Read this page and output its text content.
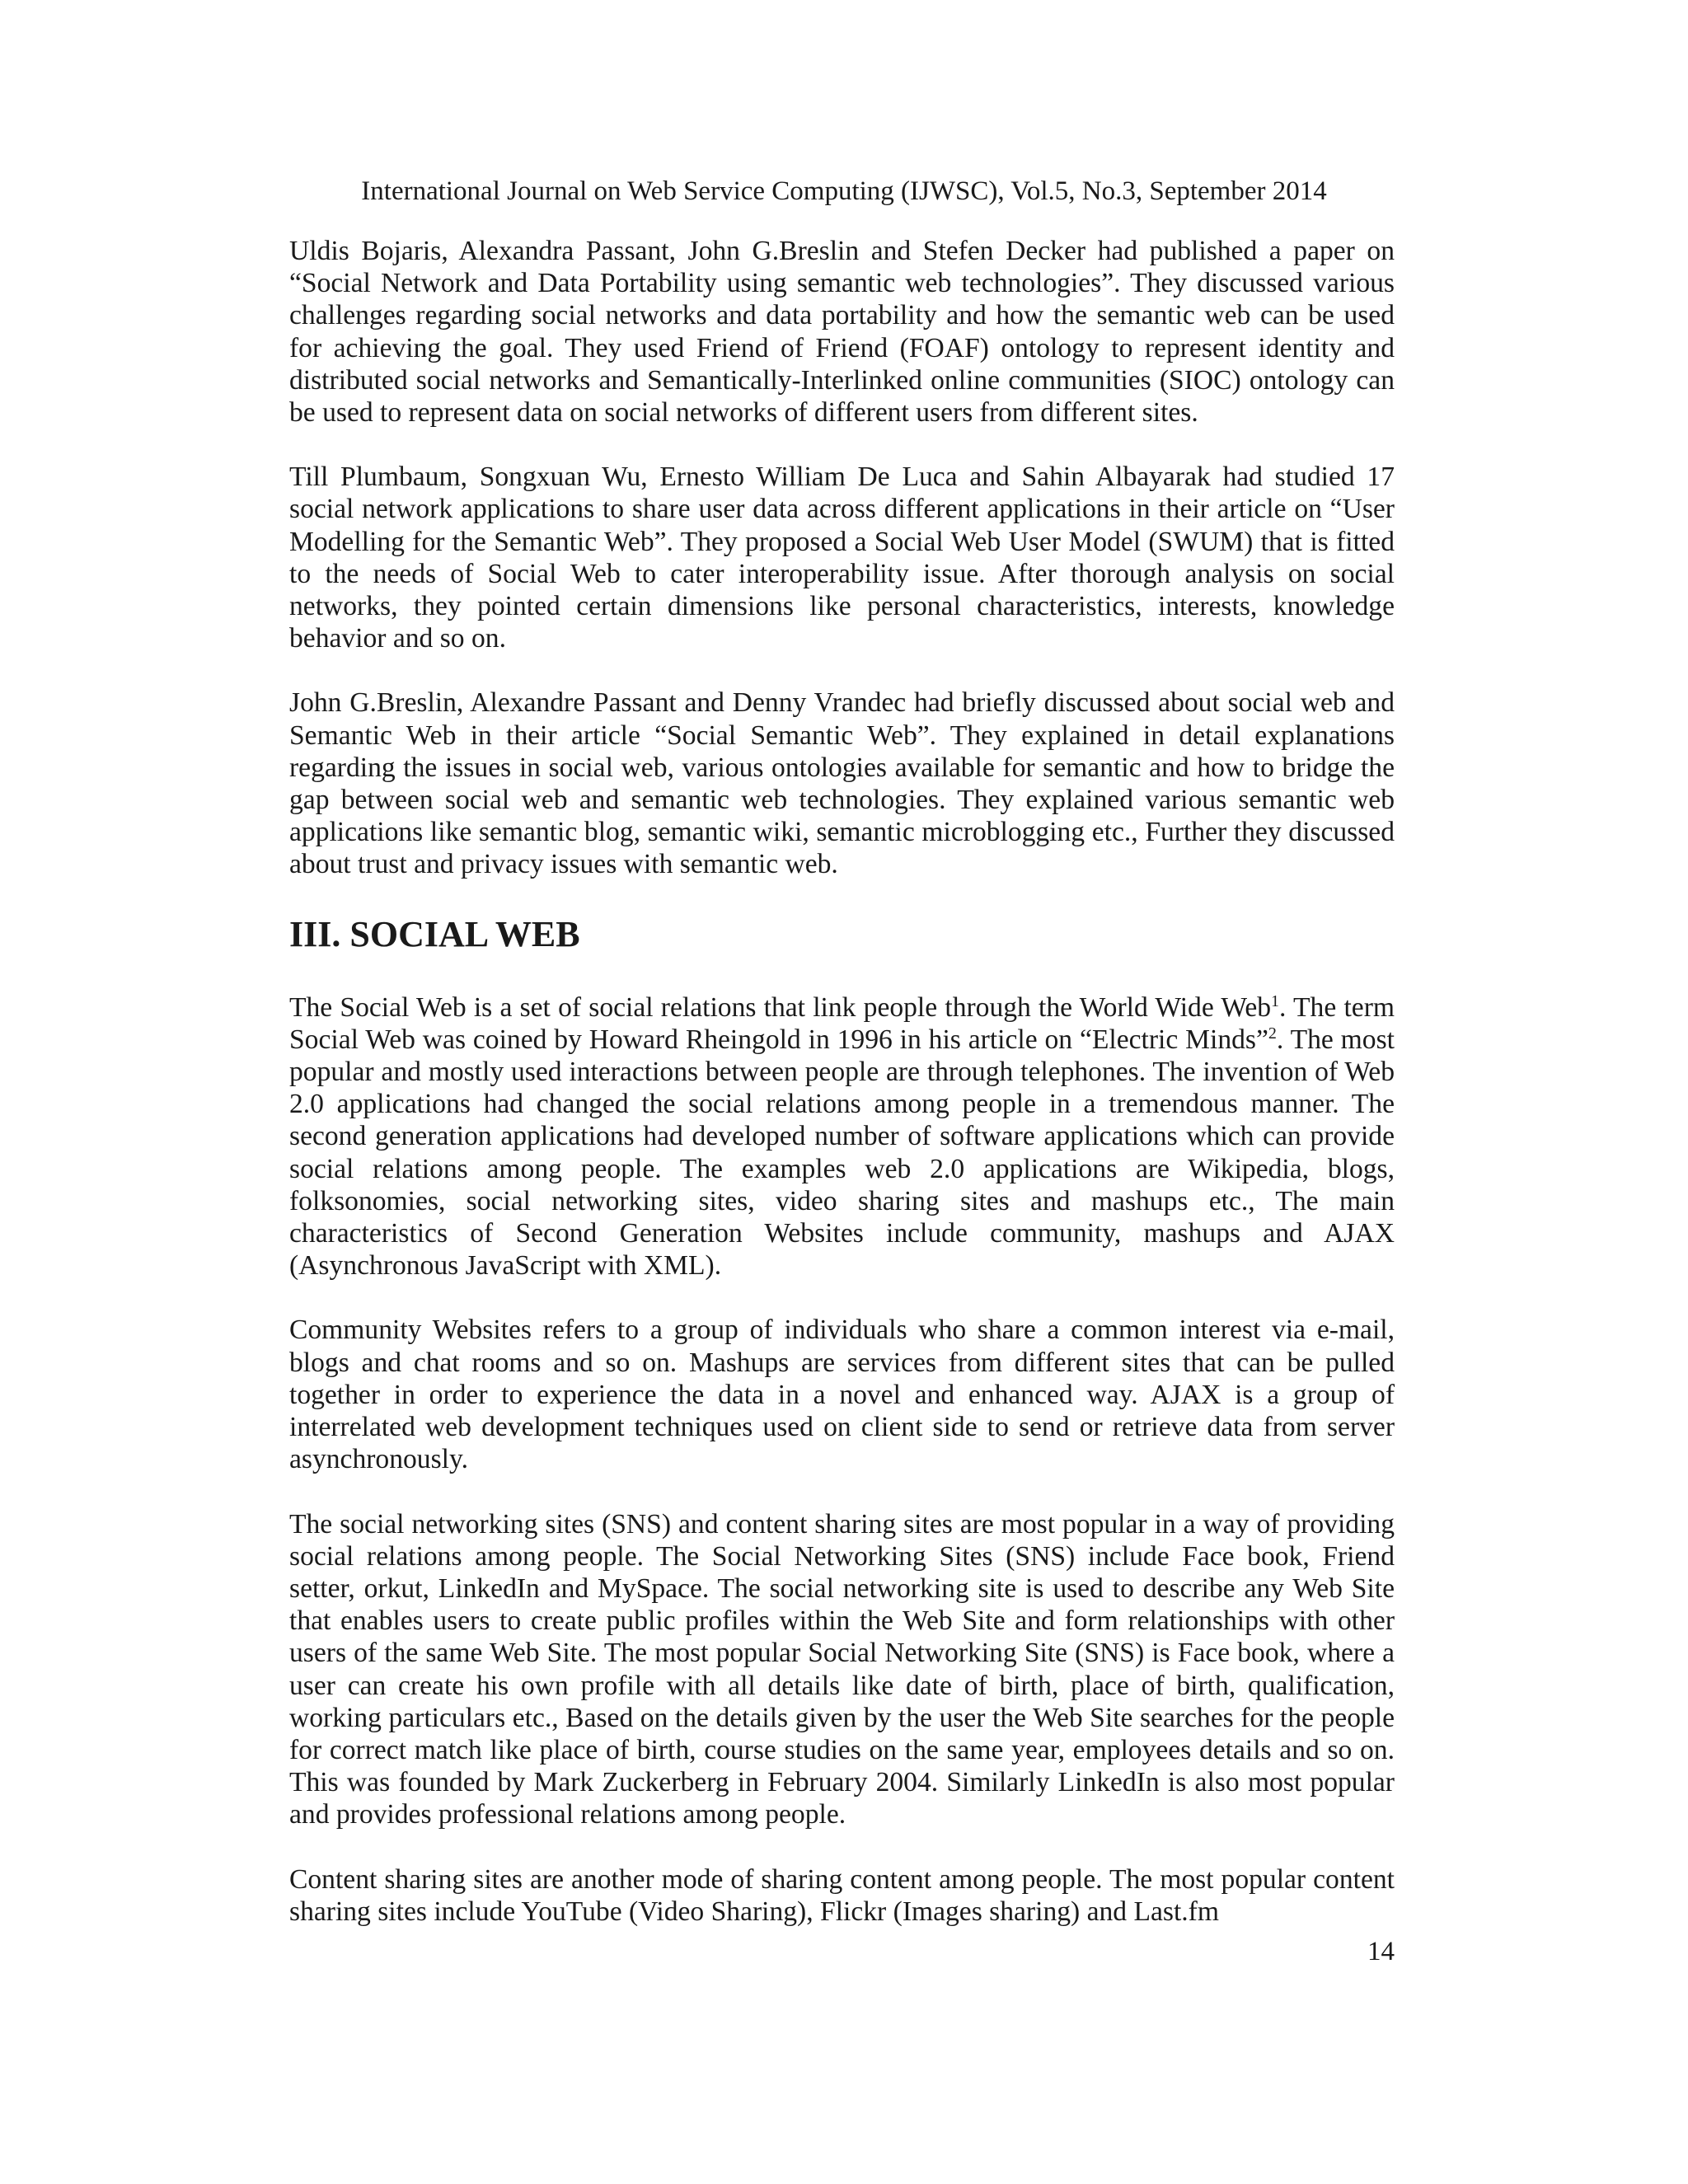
International Journal on Web Service Computing (IJWSC), Vol.5, No.3, September 2014

Uldis Bojaris, Alexandra Passant, John G.Breslin and Stefen Decker had published a paper on “Social Network and Data Portability using semantic web technologies”. They discussed various challenges regarding social networks and data portability and how the semantic web can be used for achieving the goal. They used Friend of Friend (FOAF) ontology to represent identity and distributed social networks and Semantically-Interlinked online communities (SIOC) ontology can be used to represent data on social networks of different users from different sites.

Till Plumbaum, Songxuan Wu, Ernesto William De Luca and Sahin Albayarak had studied 17 social network applications to share user data across different applications in their article on “User Modelling for the Semantic Web”. They proposed a Social Web User Model (SWUM) that is fitted to the needs of Social Web to cater interoperability issue. After thorough analysis on social networks, they pointed certain dimensions like personal characteristics, interests, knowledge behavior and so on.

John G.Breslin, Alexandre Passant and Denny Vrandec had briefly discussed about social web and Semantic Web in their article “Social Semantic Web”. They explained in detail explanations regarding the issues in social web, various ontologies available for semantic and how to bridge the gap between social web and semantic web technologies. They explained various semantic web applications like semantic blog, semantic wiki, semantic microblogging etc., Further they discussed about trust and privacy issues with semantic web.

III. SOCIAL WEB

The Social Web is a set of social relations that link people through the World Wide Web$^1$. The term Social Web was coined by Howard Rheingold in 1996 in his article on “Electric Minds”$^2$. The most popular and mostly used interactions between people are through telephones. The invention of Web 2.0 applications had changed the social relations among people in a tremendous manner. The second generation applications had developed number of software applications which can provide social relations among people. The examples web 2.0 applications are Wikipedia, blogs, folksonomies, social networking sites, video sharing sites and mashups etc., The main characteristics of Second Generation Websites include community, mashups and AJAX (Asynchronous JavaScript with XML).

Community Websites refers to a group of individuals who share a common interest via e-mail, blogs and chat rooms and so on. Mashups are services from different sites that can be pulled together in order to experience the data in a novel and enhanced way. AJAX is a group of interrelated web development techniques used on client side to send or retrieve data from server asynchronously.

The social networking sites (SNS) and content sharing sites are most popular in a way of providing social relations among people. The Social Networking Sites (SNS) include Face book, Friend setter, orkut, LinkedIn and MySpace. The social networking site is used to describe any Web Site that enables users to create public profiles within the Web Site and form relationships with other users of the same Web Site. The most popular Social Networking Site (SNS) is Face book, where a user can create his own profile with all details like date of birth, place of birth, qualification, working particulars etc., Based on the details given by the user the Web Site searches for the people for correct match like place of birth, course studies on the same year, employees details and so on. This was founded by Mark Zuckerberg in February 2004. Similarly LinkedIn is also most popular and provides professional relations among people.

Content sharing sites are another mode of sharing content among people. The most popular content sharing sites include YouTube (Video Sharing), Flickr (Images sharing) and Last.fm

14
